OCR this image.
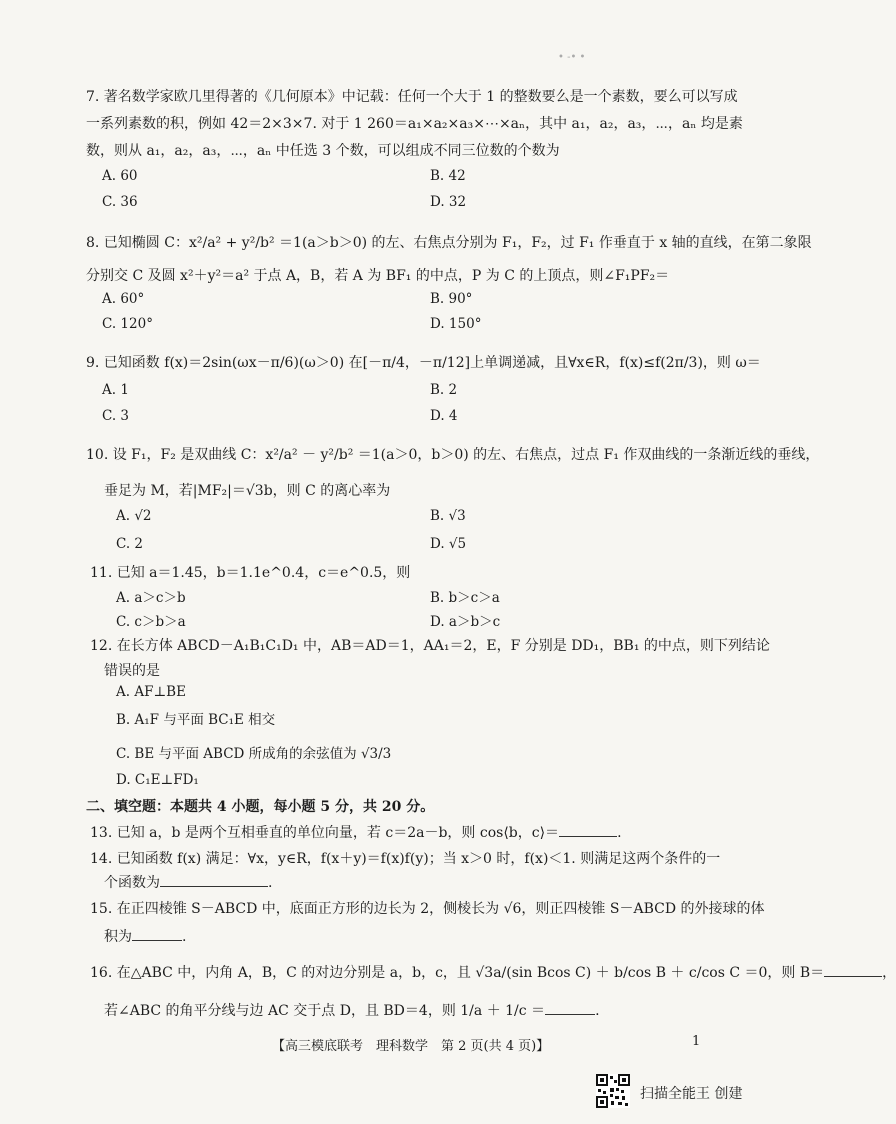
• -• •
7. 著名数学家欧几里得著的《几何原本》中记载：任何一个大于 1 的整数要么是一个素数，要么可以写成
一系列素数的积，例如 42＝2×3×7. 对于 1 260＝a₁×a₂×a₃×⋯×aₙ，其中 a₁，a₂，a₃，⋯，aₙ 均是素
数，则从 a₁，a₂，a₃，⋯，aₙ 中任选 3 个数，可以组成不同三位数的个数为
A. 60	B. 42
C. 36	D. 32
8. 已知椭圆 C：x²/a² + y²/b² ＝1(a＞b＞0) 的左、右焦点分别为 F₁，F₂，过 F₁ 作垂直于 x 轴的直线，在第二象限
分别交 C 及圆 x²＋y²＝a² 于点 A，B，若 A 为 BF₁ 的中点，P 为 C 的上顶点，则∠F₁PF₂＝
A. 60°	B. 90°
C. 120°	D. 150°
9. 已知函数 f(x)＝2sin(ωx－π/6)(ω＞0) 在[－π/4，－π/12]上单调递减，且∀x∈R，f(x)≤f(2π/3)，则 ω＝
A. 1	B. 2
C. 3	D. 4
10. 设 F₁，F₂ 是双曲线 C：x²/a² － y²/b² ＝1(a＞0，b＞0) 的左、右焦点，过点 F₁ 作双曲线的一条渐近线的垂线，
垂足为 M，若|MF₂|＝√3b，则 C 的离心率为
A. √2	B. √3
C. 2	D. √5
11. 已知 a＝1.45，b＝1.1e^0.4，c＝e^0.5，则
A. a＞c＞b	B. b＞c＞a
C. c＞b＞a	D. a＞b＞c
12. 在长方体 ABCD－A₁B₁C₁D₁ 中，AB＝AD＝1，AA₁＝2，E，F 分别是 DD₁，BB₁ 的中点，则下列结论
错误的是
A. AF⊥BE
B. A₁F 与平面 BC₁E 相交
C. BE 与平面 ABCD 所成角的余弦值为 √3/3
D. C₁E⊥FD₁
二、填空题：本题共 4 小题，每小题 5 分，共 20 分。
13. 已知 a，b 是两个互相垂直的单位向量，若 c＝2a－b，则 cos⟨b，c⟩＝	.
14. 已知函数 f(x) 满足：∀x，y∈R，f(x＋y)＝f(x)f(y)；当 x＞0 时，f(x)＜1. 则满足这两个条件的一
个函数为	.
15. 在正四棱锥 S－ABCD 中，底面正方形的边长为 2，侧棱长为 √6，则正四棱锥 S－ABCD 的外接球的体
积为	.
16. 在△ABC 中，内角 A，B，C 的对边分别是 a，b，c，且 √3a/(sin Bcos C) ＋ b/cos B ＋ c/cos C ＝0，则 B＝	，
若∠ABC 的角平分线与边 AC 交于点 D，且 BD＝4，则 1/a ＋ 1/c ＝	.
【高三模底联考　理科数学　第 2 页(共 4 页)】	1
扫描全能王 创建
